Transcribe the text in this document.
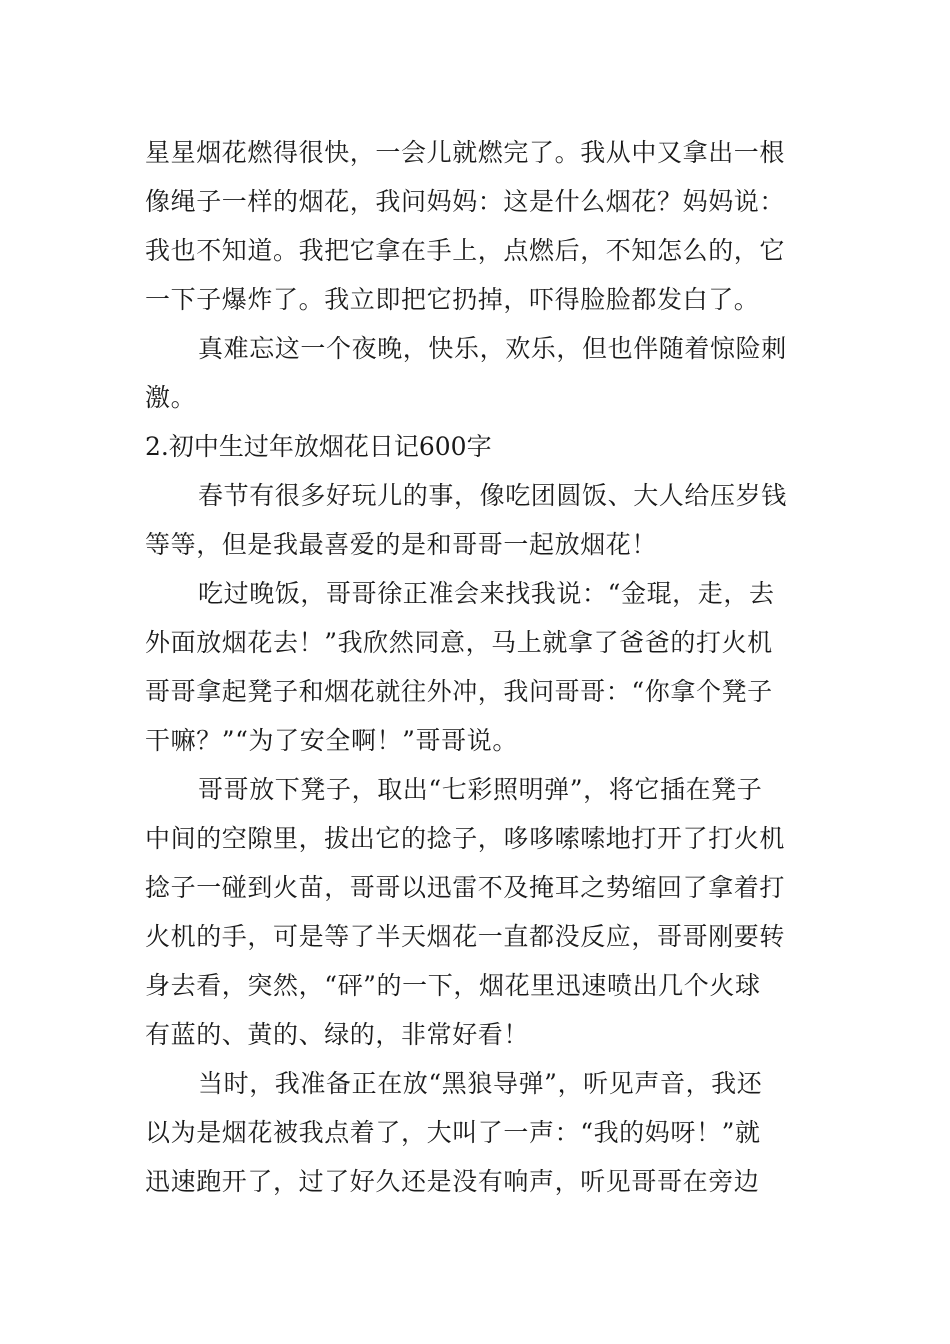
星星烟花燃得很快，一会儿就燃完了。我从中又拿出一根
像绳子一样的烟花，我问妈妈：这是什么烟花？妈妈说：
我也不知道。我把它拿在手上，点燃后，不知怎么的，它
一下子爆炸了。我立即把它扔掉，吓得脸脸都发白了。
真难忘这一个夜晚，快乐，欢乐，但也伴随着惊险刺
激。
2.初中生过年放烟花日记600字
春节有很多好玩儿的事，像吃团圆饭、大人给压岁钱
等等，但是我最喜爱的是和哥哥一起放烟花！
吃过晚饭，哥哥徐正准会来找我说：“金琨，走，去
外面放烟花去！”我欣然同意，马上就拿了爸爸的打火机
哥哥拿起凳子和烟花就往外冲，我问哥哥：“你拿个凳子
干嘛？”“为了安全啊！”哥哥说。
哥哥放下凳子，取出“七彩照明弹”，将它插在凳子
中间的空隙里，拔出它的捻子，哆哆嗦嗦地打开了打火机
捻子一碰到火苗，哥哥以迅雷不及掩耳之势缩回了拿着打
火机的手，可是等了半天烟花一直都没反应，哥哥刚要转
身去看，突然，“砰”的一下，烟花里迅速喷出几个火球
有蓝的、黄的、绿的，非常好看！
当时，我准备正在放“黑狼导弹”，听见声音，我还
以为是烟花被我点着了，大叫了一声：“我的妈呀！”就
迅速跑开了，过了好久还是没有响声，听见哥哥在旁边
